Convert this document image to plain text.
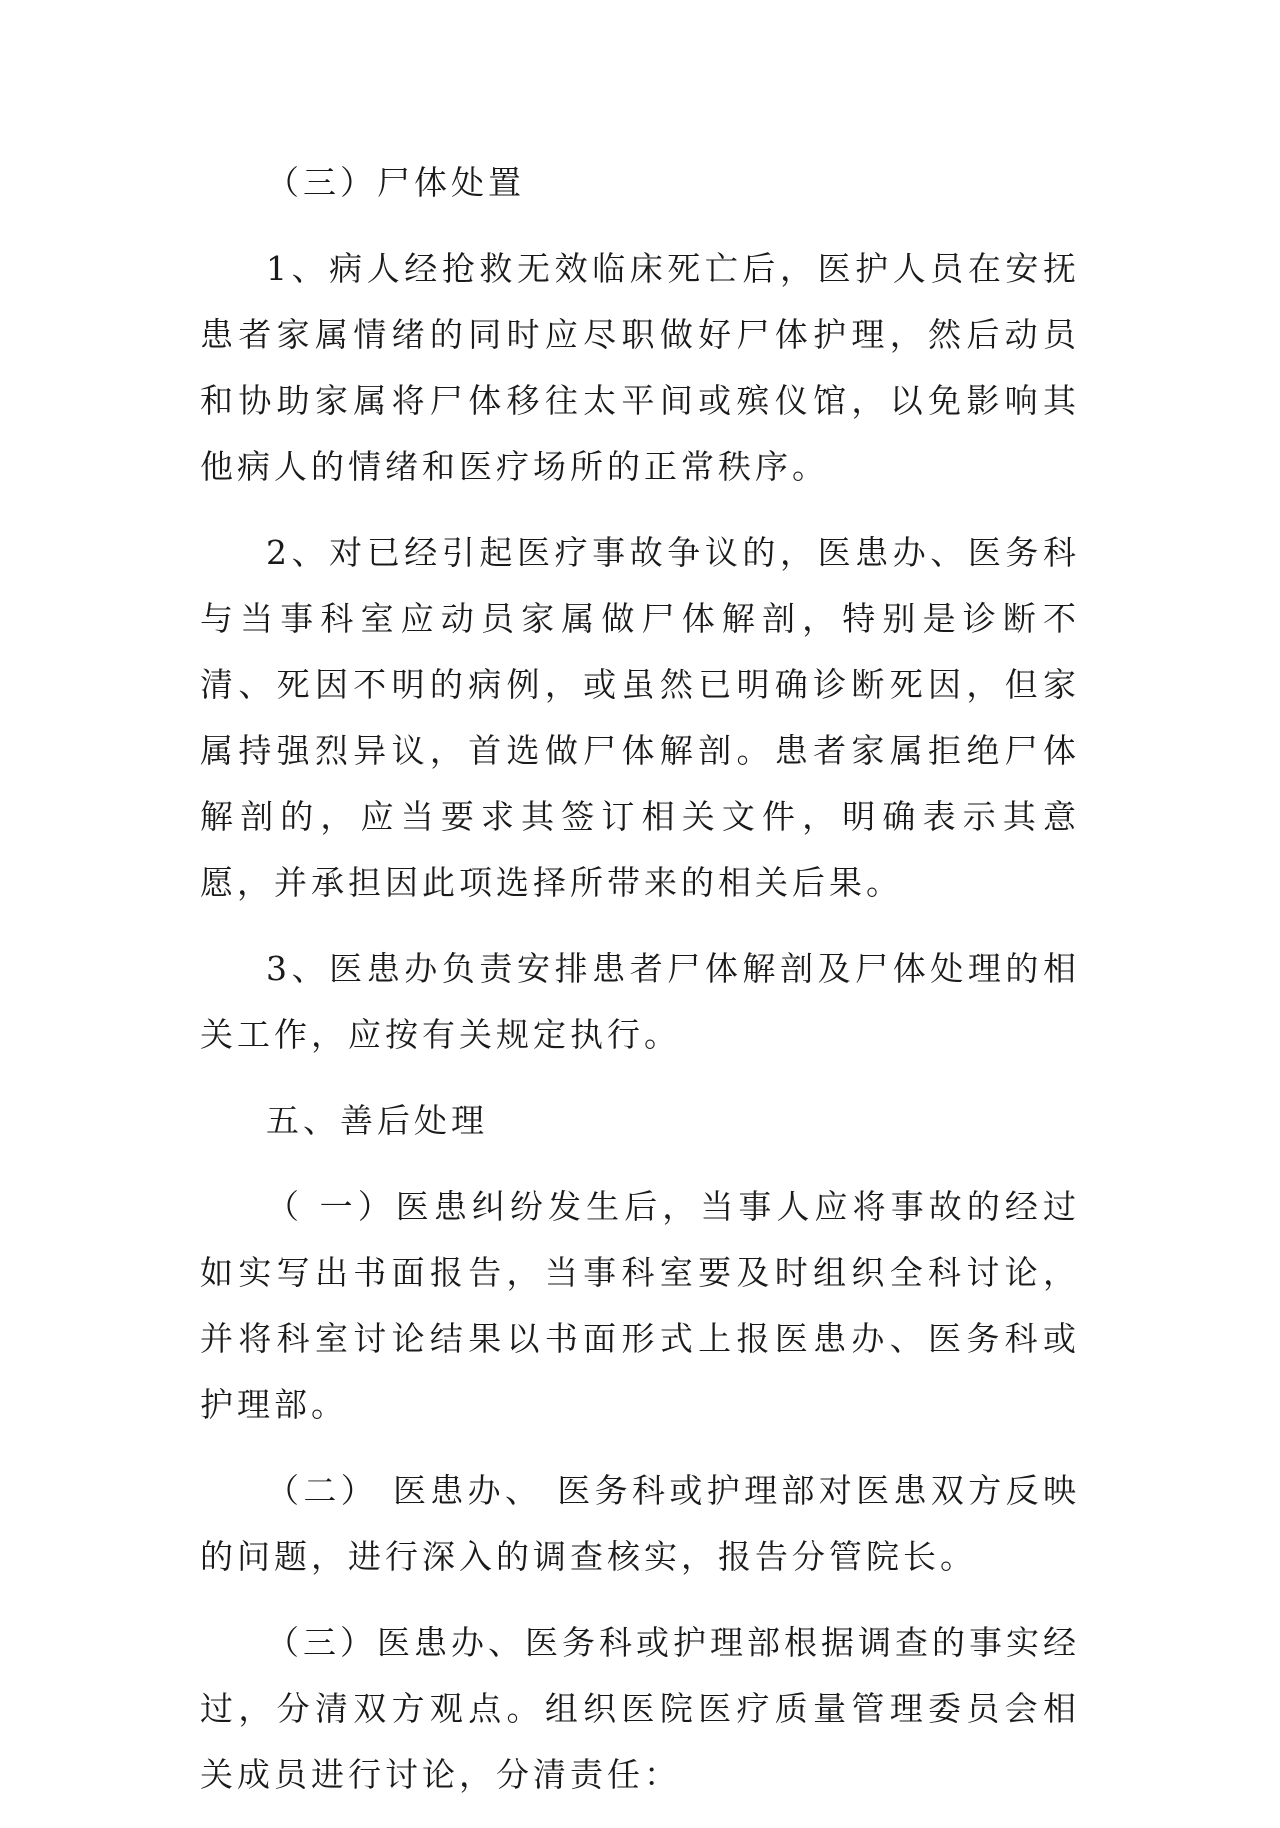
（三）尸体处置

1、病人经抢救无效临床死亡后，医护人员在安抚患者家属情绪的同时应尽职做好尸体护理，然后动员和协助家属将尸体移往太平间或殡仪馆，以免影响其他病人的情绪和医疗场所的正常秩序。

2、对已经引起医疗事故争议的，医患办、医务科与当事科室应动员家属做尸体解剖，特别是诊断不清、死因不明的病例，或虽然已明确诊断死因，但家属持强烈异议，首选做尸体解剖。患者家属拒绝尸体解剖的，应当要求其签订相关文件，明确表示其意愿，并承担因此项选择所带来的相关后果。

3、医患办负责安排患者尸体解剖及尸体处理的相关工作，应按有关规定执行。

五、善后处理

（ 一）医患纠纷发生后，当事人应将事故的经过如实写出书面报告，当事科室要及时组织全科讨论，并将科室讨论结果以书面形式上报医患办、医务科或护理部。

（二） 医患办、 医务科或护理部对医患双方反映的问题，进行深入的调查核实，报告分管院长。

（三）医患办、医务科或护理部根据调查的事实经过，分清双方观点。组织医院医疗质量管理委员会相关成员进行讨论，分清责任：
